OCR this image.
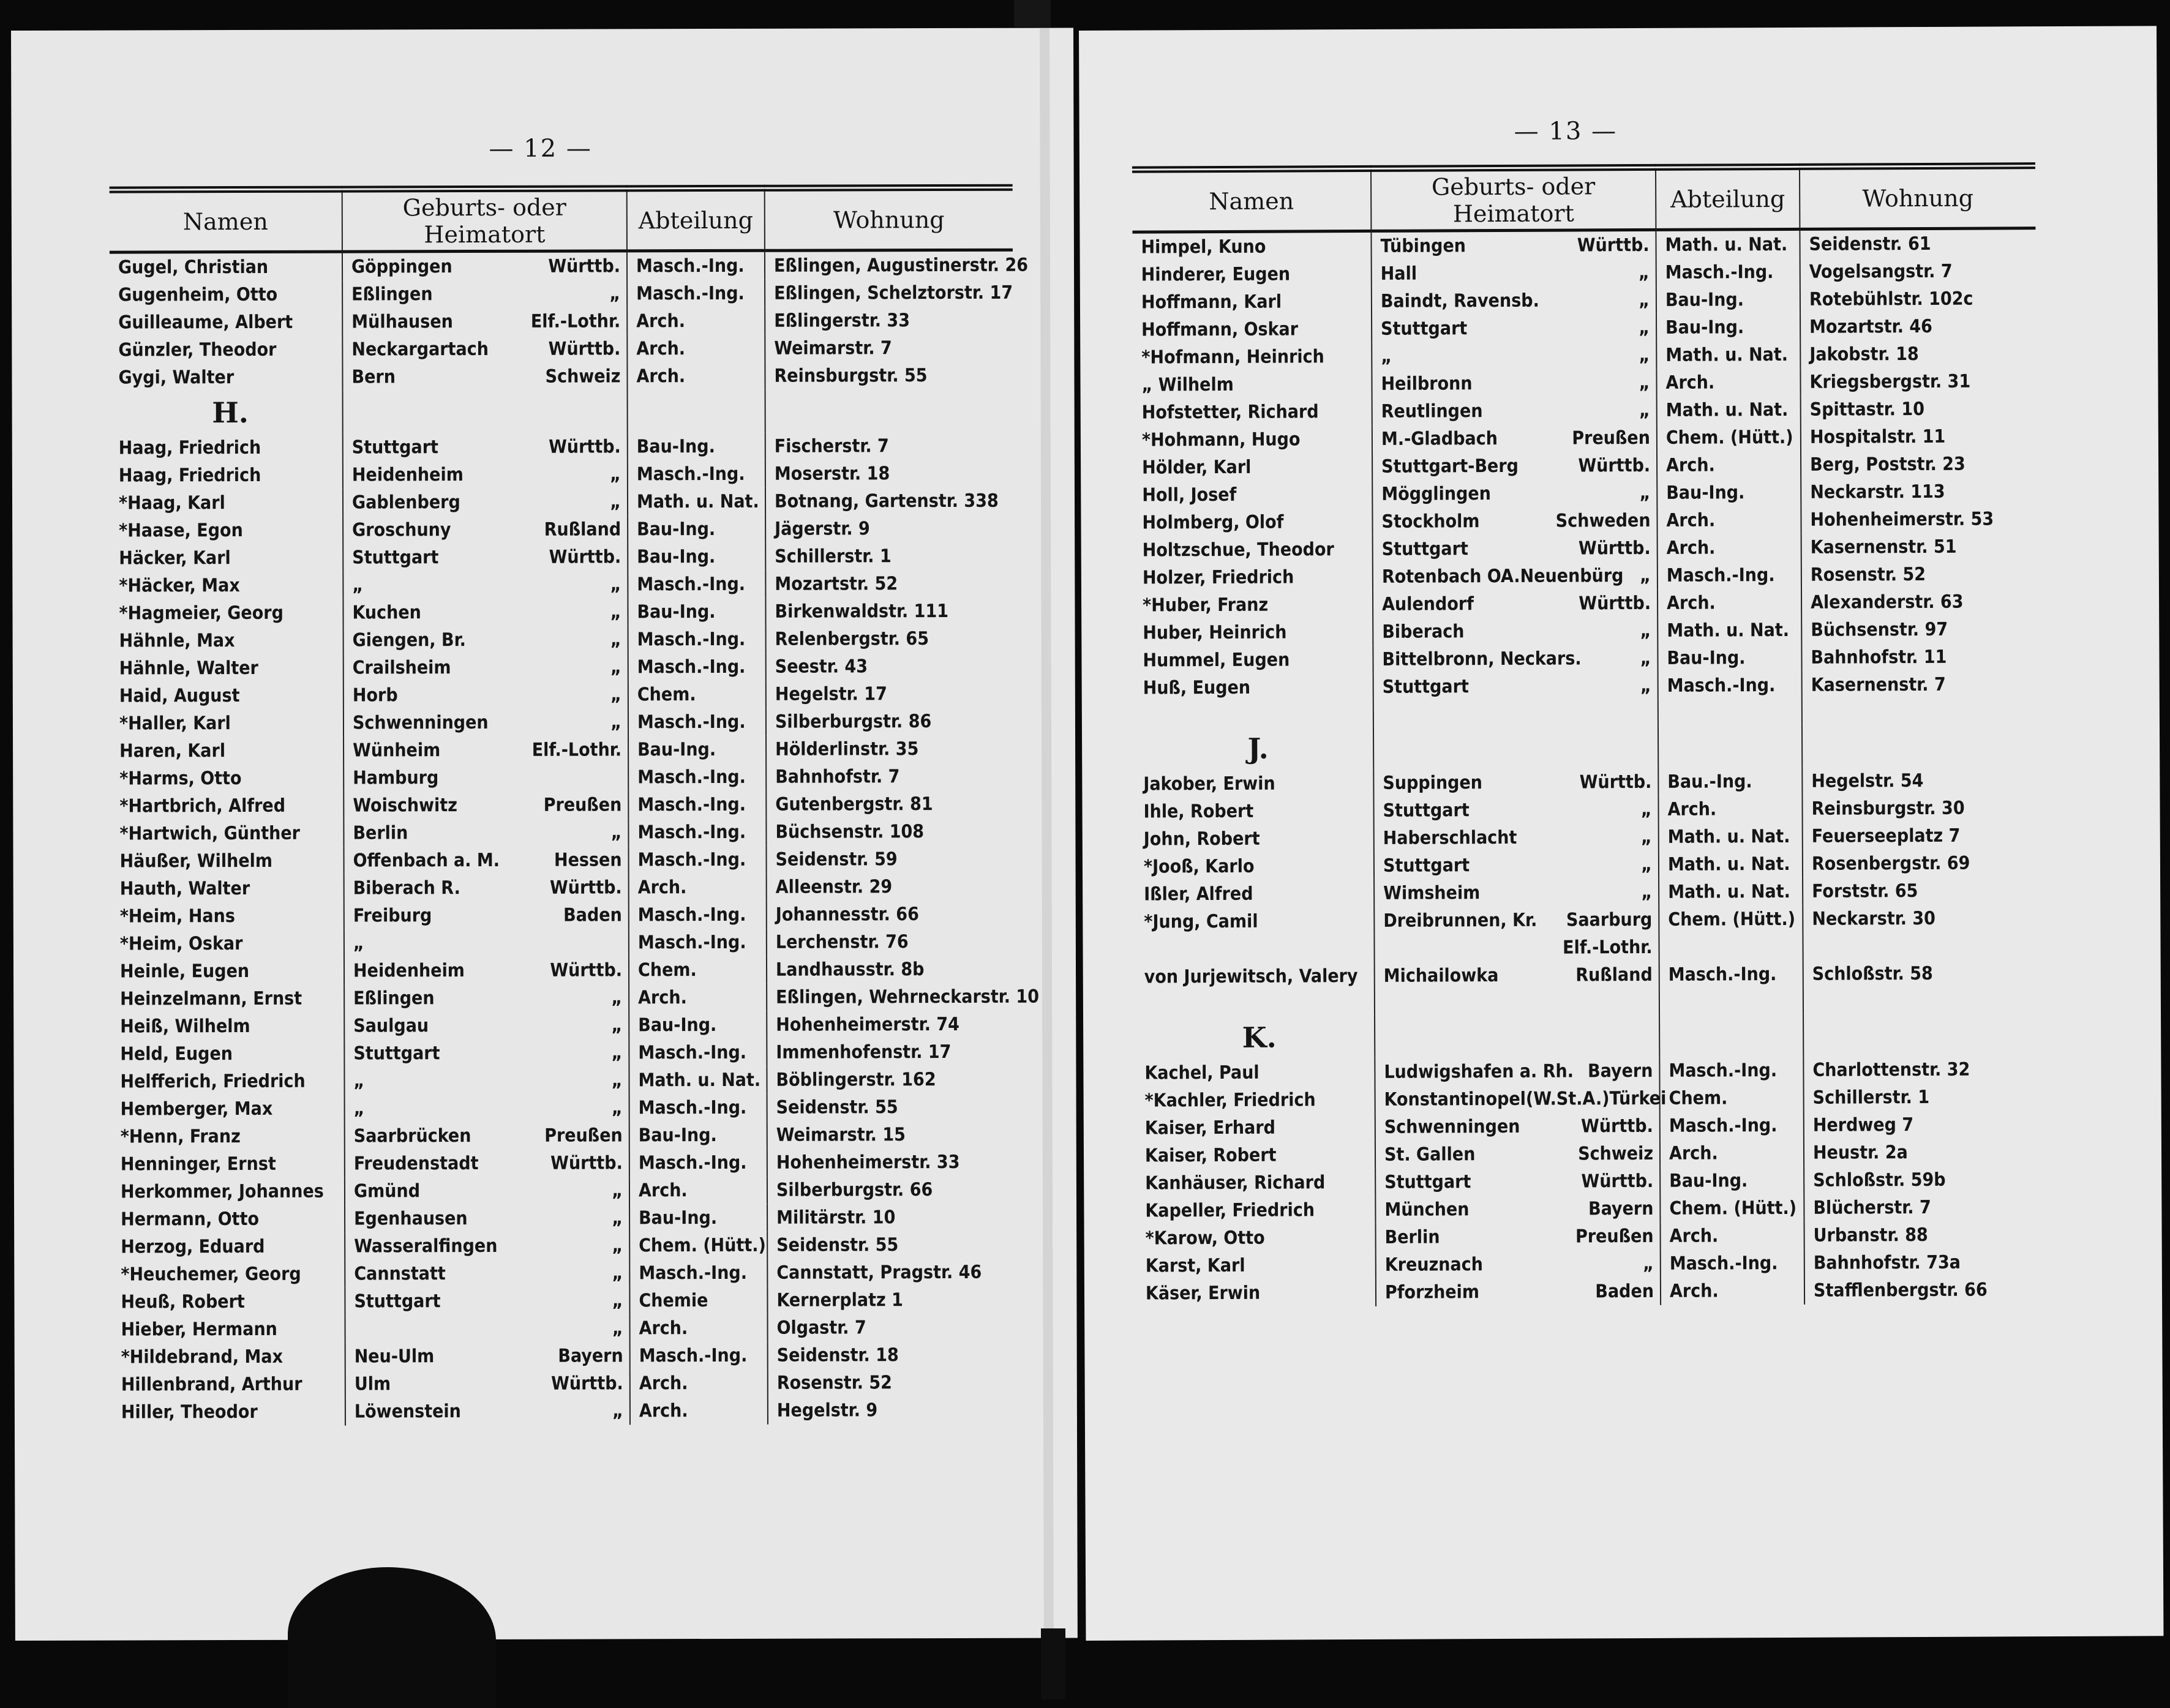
— 12 —
Namen	Geburts- oder Heimatort	Abteilung	Wohnung
Gugel, Christian	Göppingen Württb.	Masch.-Ing.	Eßlingen, Augustinerstr. 26
Gugenheim, Otto	Eßlingen „	Masch.-Ing.	Eßlingen, Schelztorstr. 17
Guilleaume, Albert	Mülhausen Elf.-Lothr.	Arch.	Eßlingerstr. 33
Günzler, Theodor	Neckargartach Württb.	Arch.	Weimarstr. 7
Gygi, Walter	Bern Schweiz	Arch.	Reinsburgstr. 55
H.			
Haag, Friedrich	Stuttgart Württb.	Bau-Ing.	Fischerstr. 7
Haag, Friedrich	Heidenheim „	Masch.-Ing.	Moserstr. 18
*Haag, Karl	Gablenberg „	Math. u. Nat.	Botnang, Gartenstr. 338
*Haase, Egon	Groschuny Rußland	Bau-Ing.	Jägerstr. 9
Häcker, Karl	Stuttgart Württb.	Bau-Ing.	Schillerstr. 1
*Häcker, Max	„ „	Masch.-Ing.	Mozartstr. 52
*Hagmeier, Georg	Kuchen „	Bau-Ing.	Birkenwaldstr. 111
Hähnle, Max	Giengen, Br. „	Masch.-Ing.	Relenbergstr. 65
Hähnle, Walter	Crailsheim „	Masch.-Ing.	Seestr. 43
Haid, August	Horb „	Chem.	Hegelstr. 17
*Haller, Karl	Schwenningen „	Masch.-Ing.	Silberburgstr. 86
Haren, Karl	Wünheim Elf.-Lothr.	Bau-Ing.	Hölderlinstr. 35
*Harms, Otto	Hamburg	Masch.-Ing.	Bahnhofstr. 7
*Hartbrich, Alfred	Woischwitz Preußen	Masch.-Ing.	Gutenbergstr. 81
*Hartwich, Günther	Berlin „	Masch.-Ing.	Büchsenstr. 108
Häußer, Wilhelm	Offenbach a. M. Hessen	Masch.-Ing.	Seidenstr. 59
Hauth, Walter	Biberach R. Württb.	Arch.	Alleenstr. 29
*Heim, Hans	Freiburg Baden	Masch.-Ing.	Johannesstr. 66
*Heim, Oskar	„	Masch.-Ing.	Lerchenstr. 76
Heinle, Eugen	Heidenheim Württb.	Chem.	Landhausstr. 8b
Heinzelmann, Ernst	Eßlingen „	Arch.	Eßlingen, Wehrneckarstr. 10
Heiß, Wilhelm	Saulgau „	Bau-Ing.	Hohenheimerstr. 74
Held, Eugen	Stuttgart „	Masch.-Ing.	Immenhofenstr. 17
Helfferich, Friedrich	„ „	Math. u. Nat.	Böblingerstr. 162
Hemberger, Max	„ „	Masch.-Ing.	Seidenstr. 55
*Henn, Franz	Saarbrücken Preußen	Bau-Ing.	Weimarstr. 15
Henninger, Ernst	Freudenstadt Württb.	Masch.-Ing.	Hohenheimerstr. 33
Herkommer, Johannes	Gmünd „	Arch.	Silberburgstr. 66
Hermann, Otto	Egenhausen „	Bau-Ing.	Militärstr. 10
Herzog, Eduard	Wasseralfingen „	Chem. (Hütt.)	Seidenstr. 55
*Heuchemer, Georg	Cannstatt „	Masch.-Ing.	Cannstatt, Pragstr. 46
Heuß, Robert	Stuttgart „	Chemie	Kernerplatz 1
Hieber, Hermann	„	Arch.	Olgastr. 7
*Hildebrand, Max	Neu-Ulm Bayern	Masch.-Ing.	Seidenstr. 18
Hillenbrand, Arthur	Ulm Württb.	Arch.	Rosenstr. 52
Hiller, Theodor	Löwenstein „	Arch.	Hegelstr. 9
— 13 —
Namen	Geburts- oder Heimatort	Abteilung	Wohnung
Himpel, Kuno	Tübingen Württb.	Math. u. Nat.	Seidenstr. 61
Hinderer, Eugen	Hall „	Masch.-Ing.	Vogelsangstr. 7
Hoffmann, Karl	Baindt, Ravensb. „	Bau-Ing.	Rotebühlstr. 102c
Hoffmann, Oskar	Stuttgart „	Bau-Ing.	Mozartstr. 46
*Hofmann, Heinrich	„ „	Math. u. Nat.	Jakobstr. 18
„ Wilhelm	Heilbronn „	Arch.	Kriegsbergstr. 31
Hofstetter, Richard	Reutlingen „	Math. u. Nat.	Spittastr. 10
*Hohmann, Hugo	M.-Gladbach Preußen	Chem. (Hütt.)	Hospitalstr. 11
Hölder, Karl	Stuttgart-Berg Württb.	Arch.	Berg, Poststr. 23
Holl, Josef	Mögglingen „	Bau-Ing.	Neckarstr. 113
Holmberg, Olof	Stockholm Schweden	Arch.	Hohenheimerstr. 53
Holtzschue, Theodor	Stuttgart Württb.	Arch.	Kasernenstr. 51
Holzer, Friedrich	Rotenbach OA.Neuenbürg „	Masch.-Ing.	Rosenstr. 52
*Huber, Franz	Aulendorf Württb.	Arch.	Alexanderstr. 63
Huber, Heinrich	Biberach „	Math. u. Nat.	Büchsenstr. 97
Hummel, Eugen	Bittelbronn, Neckars. „	Bau-Ing.	Bahnhofstr. 11
Huß, Eugen	Stuttgart „	Masch.-Ing.	Kasernenstr. 7

J.			
Jakober, Erwin	Suppingen Württb.	Bau.-Ing.	Hegelstr. 54
Ihle, Robert	Stuttgart „	Arch.	Reinsburgstr. 30
John, Robert	Haberschlacht „	Math. u. Nat.	Feuerseeplatz 7
*Jooß, Karlo	Stuttgart „	Math. u. Nat.	Rosenbergstr. 69
Ißler, Alfred	Wimsheim „	Math. u. Nat.	Forststr. 65
*Jung, Camil	Dreibrunnen, Kr. Saarburg	Chem. (Hütt.)	Neckarstr. 30

	Elf.-Lothr.		

von Jurjewitsch, Valery	Michailowka Rußland	Masch.-Ing.	Schloßstr. 58

K.			
Kachel, Paul	Ludwigshafen a. Rh. Bayern	Masch.-Ing.	Charlottenstr. 32
*Kachler, Friedrich	Konstantinopel(W.St.A.) Türkei	Chem.	Schillerstr. 1
Kaiser, Erhard	Schwenningen Württb.	Masch.-Ing.	Herdweg 7
Kaiser, Robert	St. Gallen Schweiz	Arch.	Heustr. 2a
Kanhäuser, Richard	Stuttgart Württb.	Bau-Ing.	Schloßstr. 59b
Kapeller, Friedrich	München Bayern	Chem. (Hütt.)	Blücherstr. 7
*Karow, Otto	Berlin Preußen	Arch.	Urbanstr. 88
Karst, Karl	Kreuznach „	Masch.-Ing.	Bahnhofstr. 73a
Käser, Erwin	Pforzheim Baden	Arch.	Stafflenbergstr. 66
